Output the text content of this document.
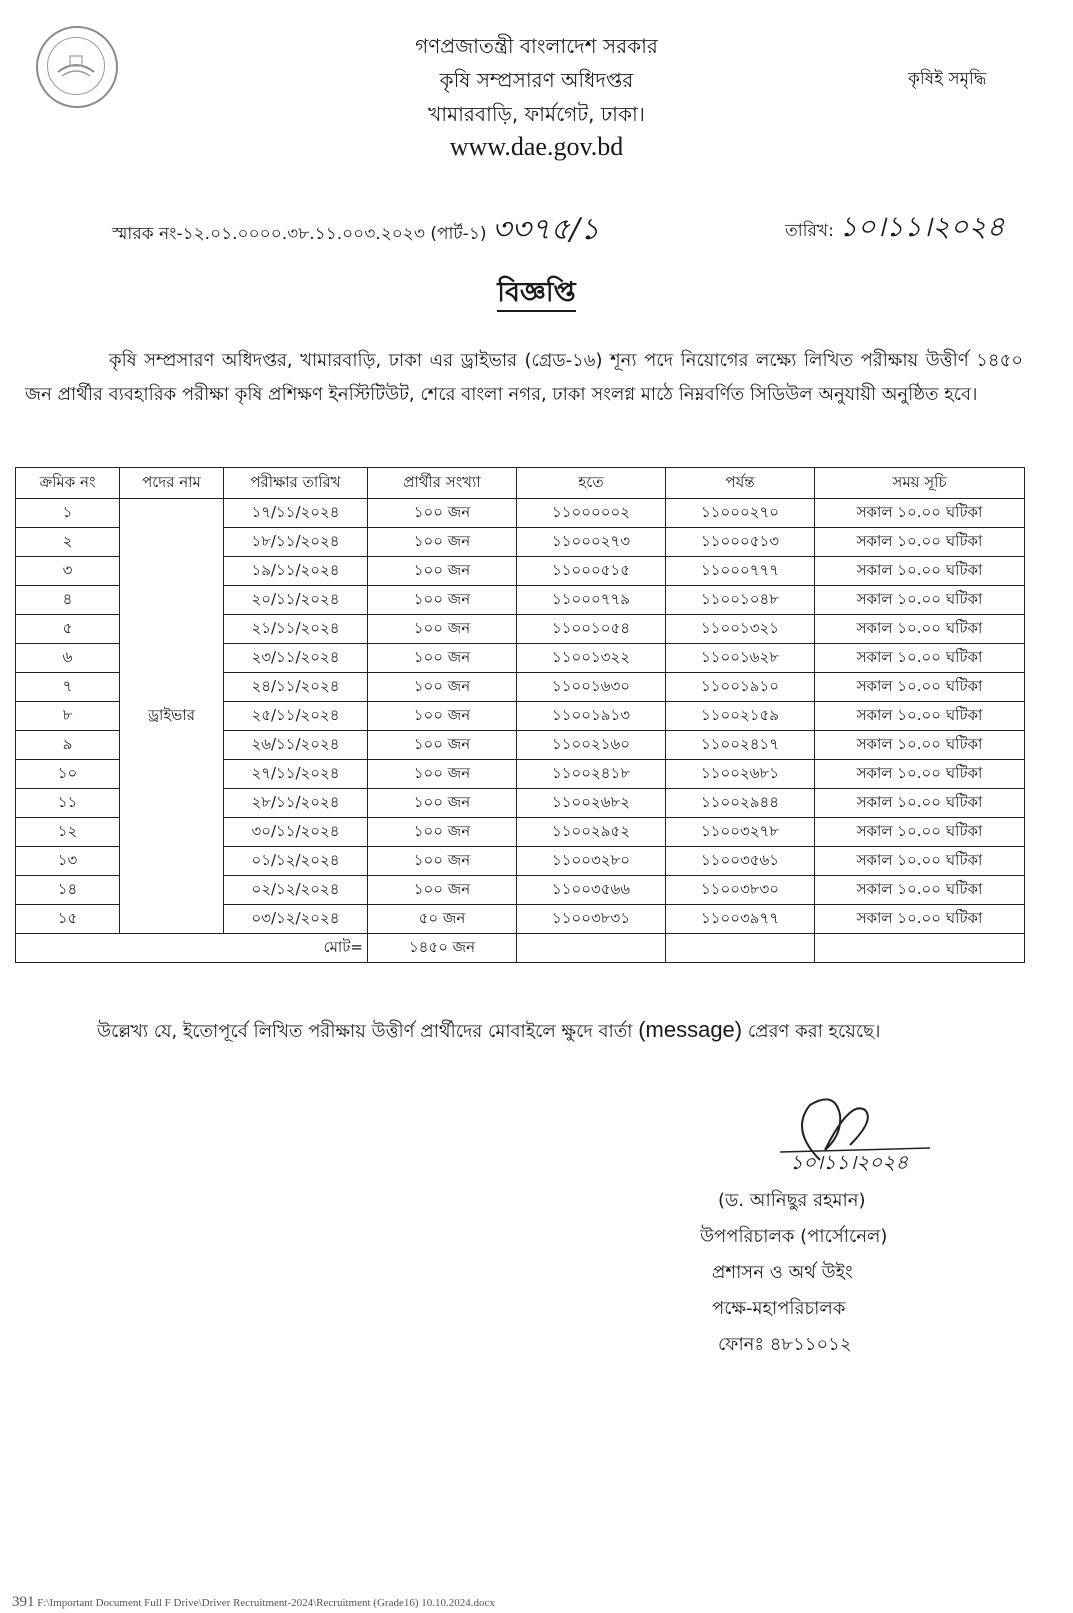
গণপ্রজাতন্ত্রী বাংলাদেশ সরকার
কৃষি সম্প্রসারণ অধিদপ্তর
খামারবাড়ি, ফার্মগেট, ঢাকা।
www.dae.gov.bd
কৃষিই সমৃদ্ধি
স্মারক নং-১২.০১.০০০০.৩৮.১১.০০৩.২০২৩ (পার্ট-১) ৩৩৭৫/১	তারিখ: ১০।১১।২০২৪
বিজ্ঞপ্তি
কৃষি সম্প্রসারণ অধিদপ্তর, খামারবাড়ি, ঢাকা এর ড্রাইভার (গ্রেড-১৬) শূন্য পদে নিয়োগের লক্ষ্যে লিখিত পরীক্ষায় উত্তীর্ণ ১৪৫০ জন প্রার্থীর ব্যবহারিক পরীক্ষা কৃষি প্রশিক্ষণ ইনস্টিটিউট, শেরে বাংলা নগর, ঢাকা সংলগ্ন মাঠে নিম্নবর্ণিত সিডিউল অনুযায়ী অনুষ্ঠিত হবে।
ক্রমিক নং	পদের নাম	পরীক্ষার তারিখ	প্রার্থীর সংখ্যা	হতে	পর্যন্ত	সময় সূচি
১	ড্রাইভার	১৭/১১/২০২৪	১০০ জন	১১০০০০০২	১১০০০২৭০	সকাল ১০.০০ ঘটিকা
২		১৮/১১/২০২৪	১০০ জন	১১০০০২৭৩	১১০০০৫১৩	সকাল ১০.০০ ঘটিকা
৩		১৯/১১/২০২৪	১০০ জন	১১০০০৫১৫	১১০০০৭৭৭	সকাল ১০.০০ ঘটিকা
৪		২০/১১/২০২৪	১০০ জন	১১০০০৭৭৯	১১০০১০৪৮	সকাল ১০.০০ ঘটিকা
৫		২১/১১/২০২৪	১০০ জন	১১০০১০৫৪	১১০০১৩২১	সকাল ১০.০০ ঘটিকা
৬		২৩/১১/২০২৪	১০০ জন	১১০০১৩২২	১১০০১৬২৮	সকাল ১০.০০ ঘটিকা
৭		২৪/১১/২০২৪	১০০ জন	১১০০১৬৩০	১১০০১৯১০	সকাল ১০.০০ ঘটিকা
৮		২৫/১১/২০২৪	১০০ জন	১১০০১৯১৩	১১০০২১৫৯	সকাল ১০.০০ ঘটিকা
৯		২৬/১১/২০২৪	১০০ জন	১১০০২১৬০	১১০০২৪১৭	সকাল ১০.০০ ঘটিকা
১০		২৭/১১/২০২৪	১০০ জন	১১০০২৪১৮	১১০০২৬৮১	সকাল ১০.০০ ঘটিকা
১১		২৮/১১/২০২৪	১০০ জন	১১০০২৬৮২	১১০০২৯৪৪	সকাল ১০.০০ ঘটিকা
১২		৩০/১১/২০২৪	১০০ জন	১১০০২৯৫২	১১০০৩২৭৮	সকাল ১০.০০ ঘটিকা
১৩		০১/১২/২০২৪	১০০ জন	১১০০৩২৮০	১১০০৩৫৬১	সকাল ১০.০০ ঘটিকা
১৪		০২/১২/২০২৪	১০০ জন	১১০০৩৫৬৬	১১০০৩৮৩০	সকাল ১০.০০ ঘটিকা
১৫		০৩/১২/২০২৪	৫০ জন	১১০০৩৮৩১	১১০০৩৯৭৭	সকাল ১০.০০ ঘটিকা
মোট=			১৪৫০ জন			
উল্লেখ্য যে, ইতোপূর্বে লিখিত পরীক্ষায় উত্তীর্ণ প্রার্থীদের মোবাইলে ক্ষুদে বার্তা (message) প্রেরণ করা হয়েছে।
১০।১১।২০২৪
(ড. আনিছুর রহমান)
উপপরিচালক (পার্সোনেল)
প্রশাসন ও অর্থ উইং
পক্ষে-মহাপরিচালক
ফোনঃ ৪৮১১০১২
391 F:\Important Document Full F Drive\Driver Recruitment-2024\Recruitment (Grade16) 10.10.2024.docx
